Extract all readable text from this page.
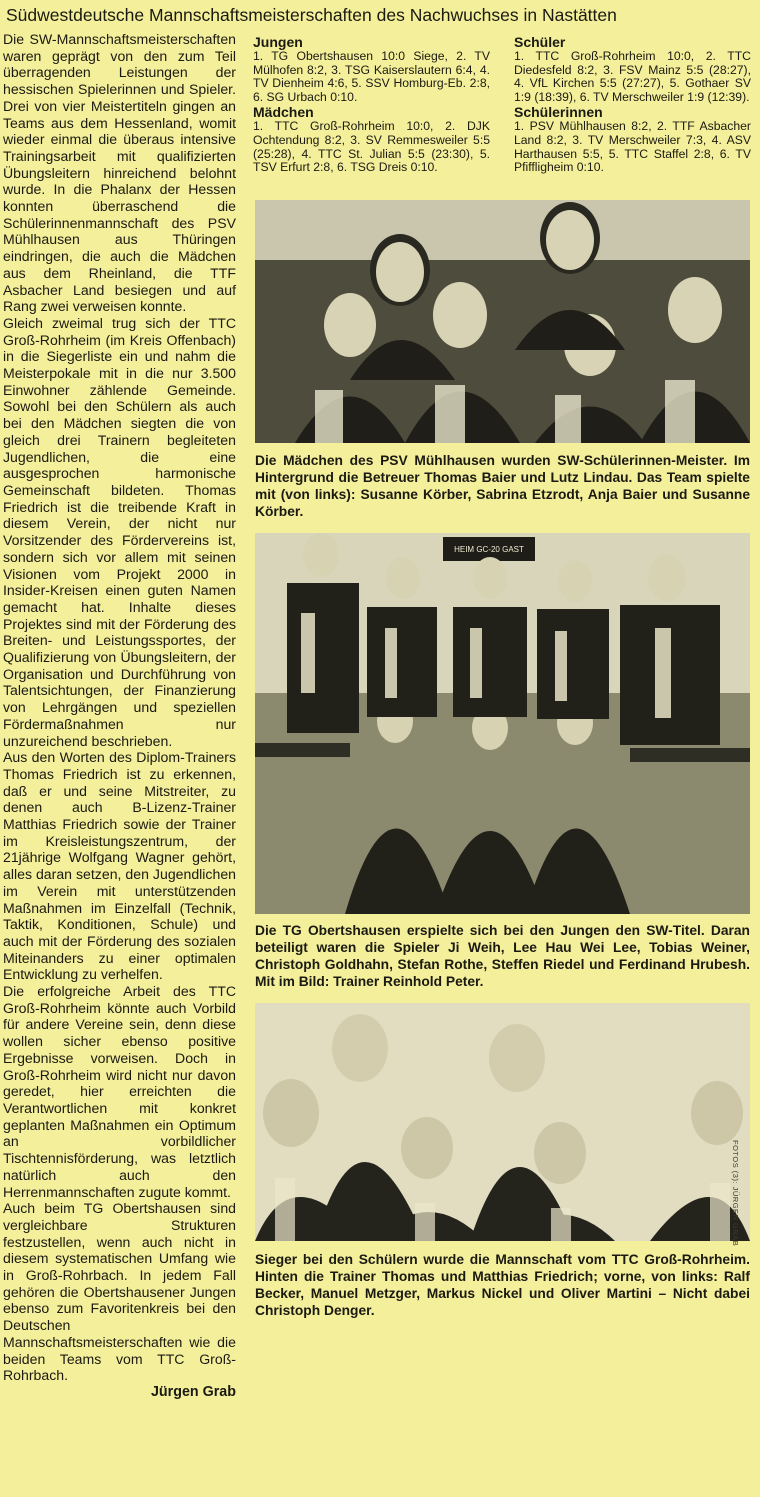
Südwestdeutsche Mannschaftsmeisterschaften des Nachwuchses in Nastätten

Die SW-Mannschaftsmeisterschaften waren geprägt von den zum Teil überragenden Leistungen der hessischen Spielerinnen und Spieler. Drei von vier Meistertiteln gingen an Teams aus dem Hessenland, womit wieder einmal die überaus intensive Trainingsarbeit mit qualifizierten Übungsleitern hinreichend belohnt wurde. In die Phalanx der Hessen konnten überraschend die Schülerinnenmannschaft des PSV Mühlhausen aus Thüringen eindringen, die auch die Mädchen aus dem Rheinland, die TTF Asbacher Land besiegen und auf Rang zwei verweisen konnte.

Gleich zweimal trug sich der TTC Groß-Rohrheim (im Kreis Offenbach) in die Siegerliste ein und nahm die Meisterpokale mit in die nur 3.500 Einwohner zählende Gemeinde. Sowohl bei den Schülern als auch bei den Mädchen siegten die von gleich drei Trainern begleiteten Jugendlichen, die eine ausgesprochen harmonische Gemeinschaft bildeten. Thomas Friedrich ist die treibende Kraft in diesem Verein, der nicht nur Vorsitzender des Fördervereins ist, sondern sich vor allem mit seinen Visionen vom Projekt 2000 in Insider-Kreisen einen guten Namen gemacht hat. Inhalte dieses Projektes sind mit der Förderung des Breiten- und Leistungssportes, der Qualifizierung von Übungsleitern, der Organisation und Durchführung von Talentsichtungen, der Finanzierung von Lehrgängen und speziellen Fördermaßnahmen nur unzureichend beschrieben.

Aus den Worten des Diplom-Trainers Thomas Friedrich ist zu erkennen, daß er und seine Mitstreiter, zu denen auch B-Lizenz-Trainer Matthias Friedrich sowie der Trainer im Kreisleistungszentrum, der 21jährige Wolfgang Wagner gehört, alles daran setzen, den Jugendlichen im Verein mit unterstützenden Maßnahmen im Einzelfall (Technik, Taktik, Konditionen, Schule) und auch mit der Förderung des sozialen Miteinanders zu einer optimalen Entwicklung zu verhelfen.

Die erfolgreiche Arbeit des TTC Groß-Rohrheim könnte auch Vorbild für andere Vereine sein, denn diese wollen sicher ebenso positive Ergebnisse vorweisen. Doch in Groß-Rohrheim wird nicht nur davon geredet, hier erreichten die Verantwortlichen mit konkret geplanten Maßnahmen ein Optimum an vorbildlicher Tischtennisförderung, was letztlich natürlich auch den Herrenmannschaften zugute kommt.

Auch beim TG Obertshausen sind vergleichbare Strukturen festzustellen, wenn auch nicht in diesem systematischen Umfang wie in Groß-Rohrbach. In jedem Fall gehören die Obertshausener Jungen ebenso zum Favoritenkreis bei den Deutschen Mannschaftsmeisterschaften wie die beiden Teams vom TTC Groß-Rohrbach.

Jürgen Grab
Jungen

1. TG Obertshausen 10:0 Siege, 2. TV Mülhofen 8:2, 3. TSG Kaiserslautern 6:4, 4. TV Dienheim 4:6, 5. SSV Homburg-Eb. 2:8, 6. SG Urbach 0:10.

Mädchen

1. TTC Groß-Rohrheim 10:0, 2. DJK Ochtendung 8:2, 3. SV Remmesweiler 5:5 (25:28), 4. TTC St. Julian 5:5 (23:30), 5. TSV Erfurt 2:8, 6. TSG Dreis 0:10.

Schüler

1. TTC Groß-Rohrheim 10:0, 2. TTC Diedesfeld 8:2, 3. FSV Mainz 5:5 (28:27), 4. VfL Kirchen 5:5 (27:27), 5. Gothaer SV 1:9 (18:39), 6. TV Merschweiler 1:9 (12:39).

Schülerinnen

1. PSV Mühlhausen 8:2, 2. TTF Asbacher Land 8:2, 3. TV Merschweiler 7:3, 4. ASV Harthausen 5:5, 5. TTC Staffel 2:8, 6. TV Pfiffligheim 0:10.

Die Mädchen des PSV Mühlhausen wurden SW-Schülerinnen-Meister. Im Hintergrund die Betreuer Thomas Baier und Lutz Lindau. Das Team spielte mit (von links): Susanne Körber, Sabrina Etzrodt, Anja Baier und Susanne Körber.
HEIM GC-20 GAST
Die TG Obertshausen erspielte sich bei den Jungen den SW-Titel. Daran beteiligt waren die Spieler Ji Weih, Lee Hau Wei Lee, Tobias Weiner, Christoph Goldhahn, Stefan Rothe, Steffen Riedel und Ferdinand Hrubesh. Mit im Bild: Trainer Reinhold Peter.
Sieger bei den Schülern wurde die Mannschaft vom TTC Groß-Rohrheim. Hinten die Trainer Thomas und Matthias Friedrich; vorne, von links: Ralf Becker, Manuel Metzger, Markus Nickel und Oliver Martini – Nicht dabei Christoph Denger.
FOTOS (3): JÜRGEN GRAB
